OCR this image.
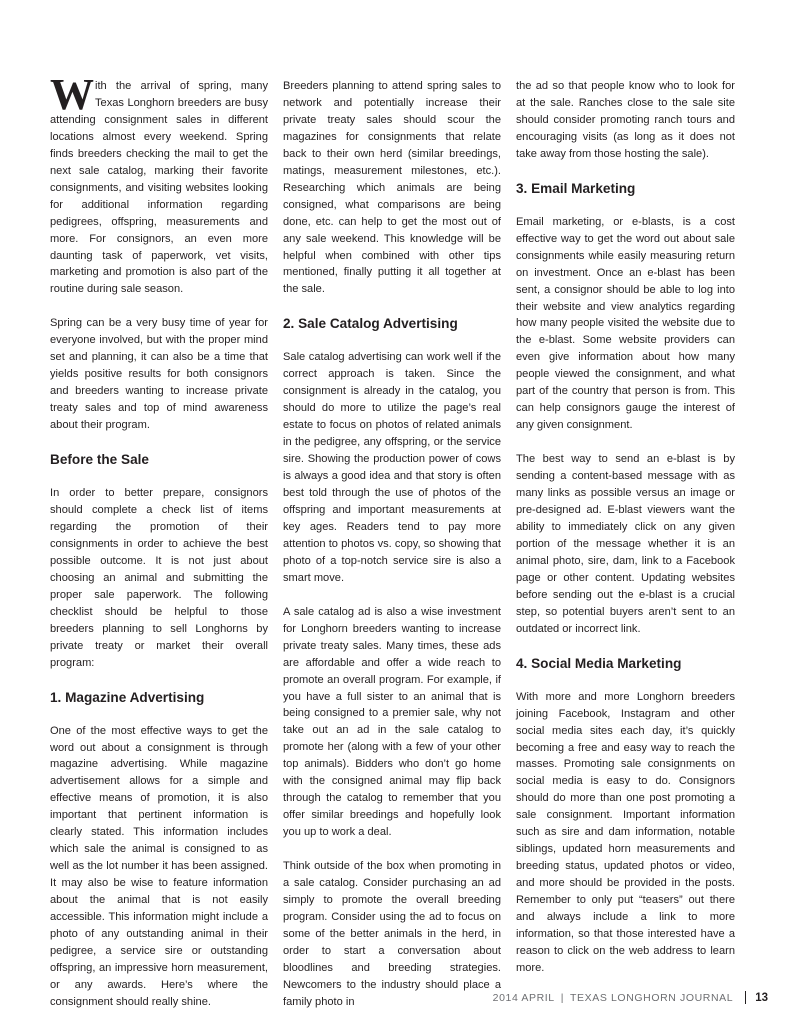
With the arrival of spring, many Texas Longhorn breeders are busy attending consignment sales in different locations almost every weekend. Spring finds breeders checking the mail to get the next sale catalog, marking their favorite consignments, and visiting websites looking for additional information regarding pedigrees, offspring, measurements and more. For consignors, an even more daunting task of paperwork, vet visits, marketing and promotion is also part of the routine during sale season.

Spring can be a very busy time of year for everyone involved, but with the proper mind set and planning, it can also be a time that yields positive results for both consignors and breeders wanting to increase private treaty sales and top of mind awareness about their program.

Before the Sale

In order to better prepare, consignors should complete a check list of items regarding the promotion of their consignments in order to achieve the best possible outcome. It is not just about choosing an animal and submitting the proper sale paperwork. The following checklist should be helpful to those breeders planning to sell Longhorns by private treaty or market their overall program:

1. Magazine Advertising

One of the most effective ways to get the word out about a consignment is through magazine advertising. While magazine advertisement allows for a simple and effective means of promotion, it is also important that pertinent information is clearly stated. This information includes which sale the animal is consigned to as well as the lot number it has been assigned. It may also be wise to feature information about the animal that is not easily accessible. This information might include a photo of any outstanding animal in their pedigree, a service sire or outstanding offspring, an impressive horn measurement, or any awards. Here’s where the consignment should really shine.

Breeders planning to attend spring sales to network and potentially increase their private treaty sales should scour the magazines for consignments that relate back to their own herd (similar breedings, matings, measurement milestones, etc.). Researching which animals are being consigned, what comparisons are being done, etc. can help to get the most out of any sale weekend. This knowledge will be helpful when combined with other tips mentioned, finally putting it all together at the sale.

2. Sale Catalog Advertising

Sale catalog advertising can work well if the correct approach is taken. Since the consignment is already in the catalog, you should do more to utilize the page’s real estate to focus on photos of related animals in the pedigree, any offspring, or the service sire. Showing the production power of cows is always a good idea and that story is often best told through the use of photos of the offspring and important measurements at key ages. Readers tend to pay more attention to photos vs. copy, so showing that photo of a top-notch service sire is also a smart move.

A sale catalog ad is also a wise investment for Longhorn breeders wanting to increase private treaty sales. Many times, these ads are affordable and offer a wide reach to promote an overall program. For example, if you have a full sister to an animal that is being consigned to a premier sale, why not take out an ad in the sale catalog to promote her (along with a few of your other top animals). Bidders who don’t go home with the consigned animal may flip back through the catalog to remember that you offer similar breedings and hopefully look you up to work a deal.

Think outside of the box when promoting in a sale catalog. Consider purchasing an ad simply to promote the overall breeding program. Consider using the ad to focus on some of the better animals in the herd, in order to start a conversation about bloodlines and breeding strategies. Newcomers to the industry should place a family photo in

the ad so that people know who to look for at the sale. Ranches close to the sale site should consider promoting ranch tours and encouraging visits (as long as it does not take away from those hosting the sale).

3. Email Marketing

Email marketing, or e-blasts, is a cost effective way to get the word out about sale consignments while easily measuring return on investment. Once an e-blast has been sent, a consignor should be able to log into their website and view analytics regarding how many people visited the website due to the e-blast. Some website providers can even give information about how many people viewed the consignment, and what part of the country that person is from. This can help consignors gauge the interest of any given consignment.

The best way to send an e-blast is by sending a content-based message with as many links as possible versus an image or pre-designed ad. E-blast viewers want the ability to immediately click on any given portion of the message whether it is an animal photo, sire, dam, link to a Facebook page or other content. Updating websites before sending out the e-blast is a crucial step, so potential buyers aren’t sent to an outdated or incorrect link.

4. Social Media Marketing

With more and more Longhorn breeders joining Facebook, Instagram and other social media sites each day, it’s quickly becoming a free and easy way to reach the masses. Promoting sale consignments on social media is easy to do. Consignors should do more than one post promoting a sale consignment. Important information such as sire and dam information, notable siblings, updated horn measurements and breeding status, updated photos or video, and more should be provided in the posts. Remember to only put “teasers” out there and always include a link to more information, so that those interested have a reason to click on the web address to learn more.

2014 APRIL | TEXAS LONGHORN JOURNAL 13
